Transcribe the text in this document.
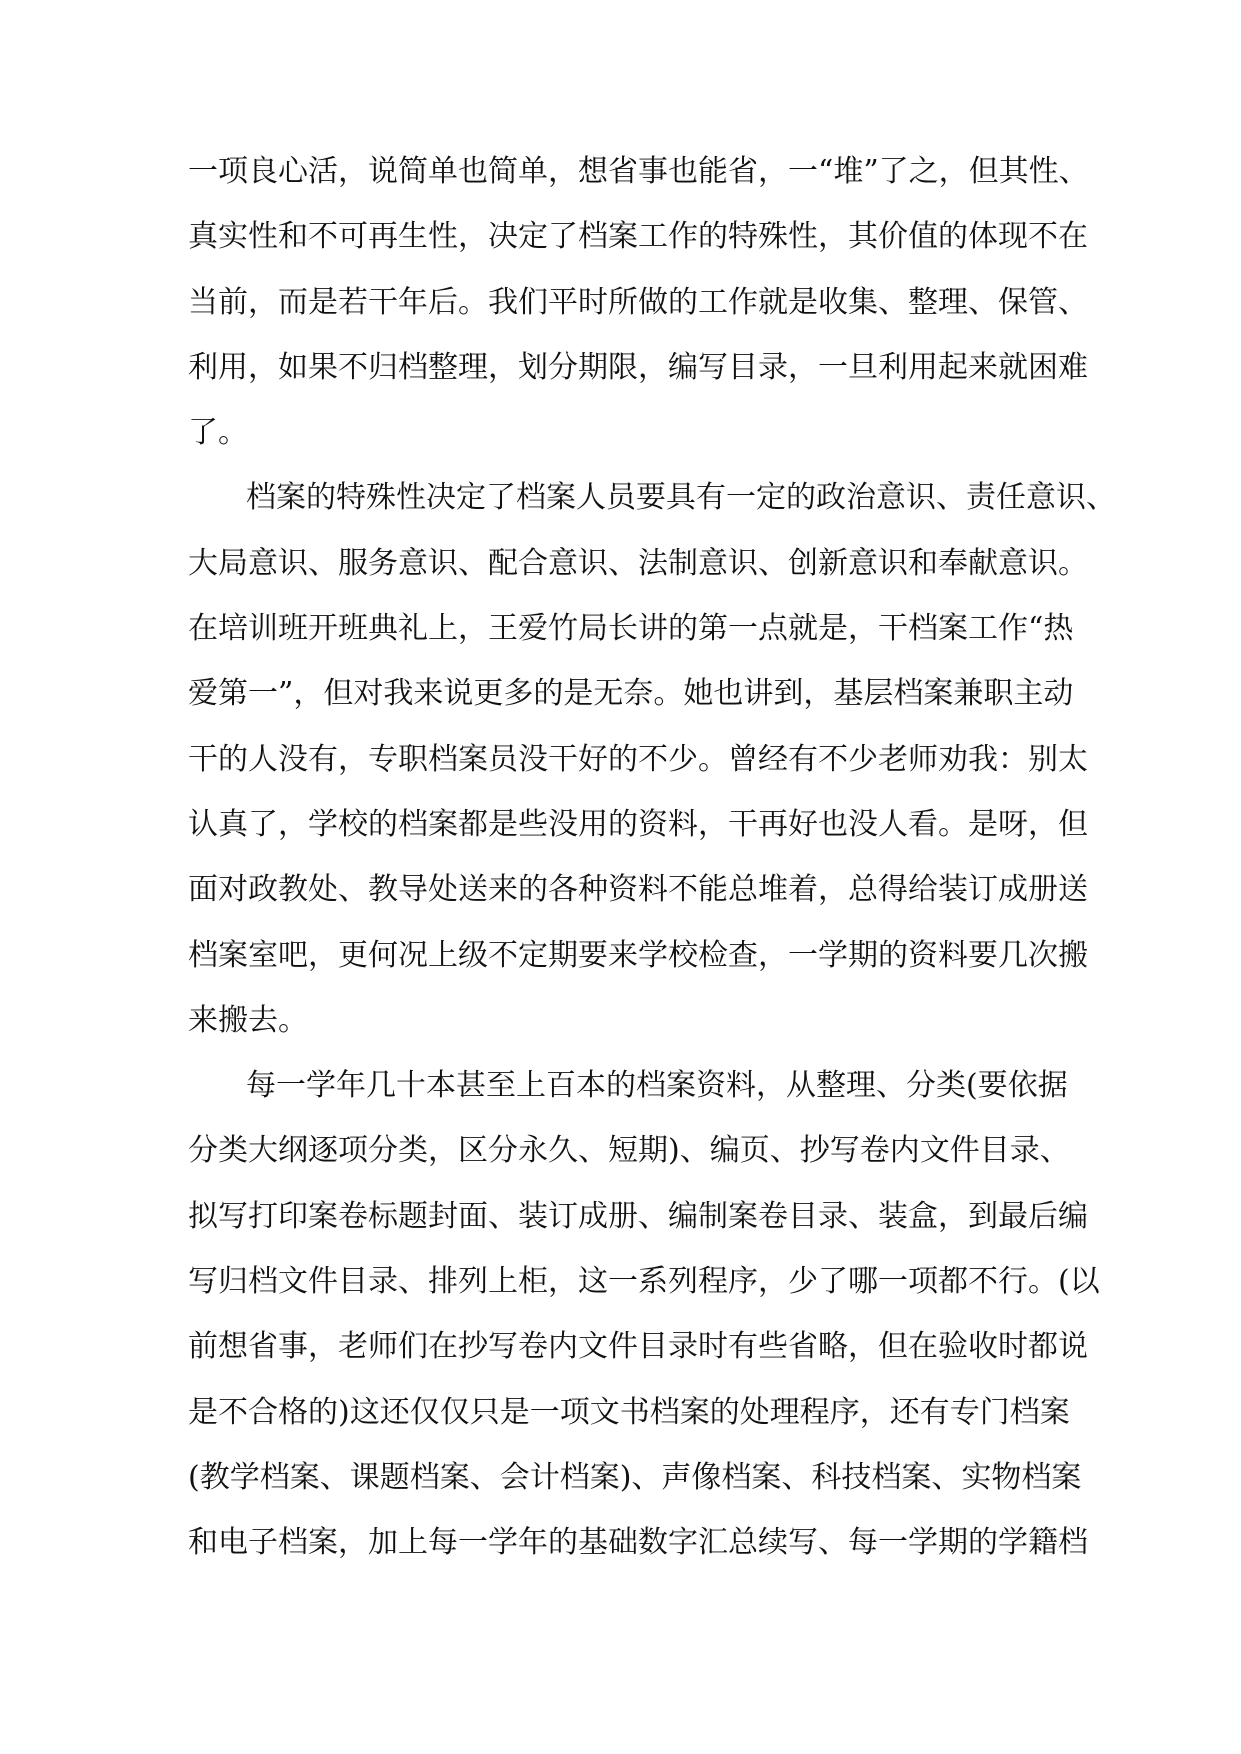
一项良心活，说简单也简单，想省事也能省，一“堆”了之，但其性、
真实性和不可再生性，决定了档案工作的特殊性，其价值的体现不在
当前，而是若干年后。我们平时所做的工作就是收集、整理、保管、
利用，如果不归档整理，划分期限，编写目录，一旦利用起来就困难
了。
档案的特殊性决定了档案人员要具有一定的政治意识、责任意识、
大局意识、服务意识、配合意识、法制意识、创新意识和奉献意识。
在培训班开班典礼上，王爱竹局长讲的第一点就是，干档案工作“热
爱第一”，但对我来说更多的是无奈。她也讲到，基层档案兼职主动
干的人没有，专职档案员没干好的不少。曾经有不少老师劝我：别太
认真了，学校的档案都是些没用的资料，干再好也没人看。是呀，但
面对政教处、教导处送来的各种资料不能总堆着，总得给装订成册送
档案室吧，更何况上级不定期要来学校检查，一学期的资料要几次搬
来搬去。
每一学年几十本甚至上百本的档案资料，从整理、分类(要依据
分类大纲逐项分类，区分永久、短期)、编页、抄写卷内文件目录、
拟写打印案卷标题封面、装订成册、编制案卷目录、装盒，到最后编
写归档文件目录、排列上柜，这一系列程序，少了哪一项都不行。(以
前想省事，老师们在抄写卷内文件目录时有些省略，但在验收时都说
是不合格的)这还仅仅只是一项文书档案的处理程序，还有专门档案
(教学档案、课题档案、会计档案)、声像档案、科技档案、实物档案
和电子档案，加上每一学年的基础数字汇总续写、每一学期的学籍档
